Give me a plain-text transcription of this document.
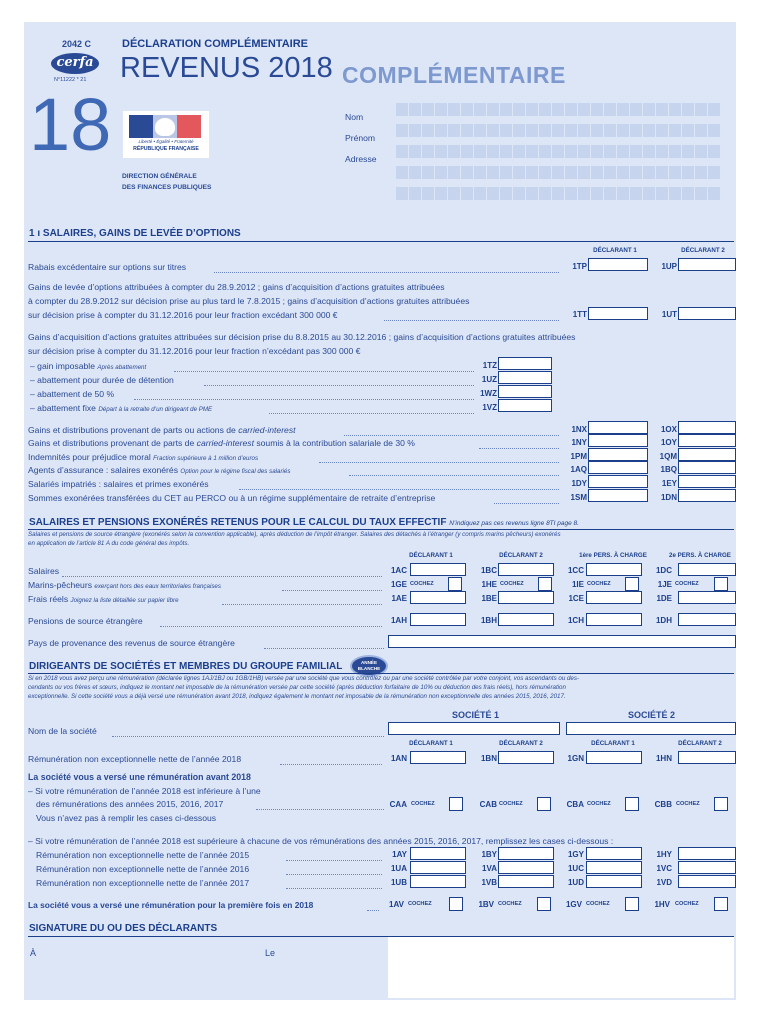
2042 C
cerfa
N°11222 * 21
18
DÉCLARATION COMPLÉMENTAIRE
REVENUS 2018 COMPLÉMENTAIRE
Liberté • Égalité • Fraternité
RÉPUBLIQUE FRANÇAISE
DIRECTION GÉNÉRALE
DES FINANCES PUBLIQUES
Nom
Prénom
Adresse
1 ı SALAIRES, GAINS DE LEVÉE D’OPTIONS
DÉCLARANT 1	DÉCLARANT 2
Rabais excédentaire sur options sur titres	1TP	1UP
Gains de levée d’options attribuées à compter du 28.9.2012 ; gains d’acquisition d’actions gratuites attribuées
à compter du 28.9.2012 sur décision prise au plus tard le 7.8.2015 ; gains d’acquisition d’actions gratuites attribuées
sur décision prise à compter du 31.12.2016 pour leur fraction excédant 300 000 €	1TT	1UT
Gains d’acquisition d’actions gratuites attribuées sur décision prise du 8.8.2015 au 30.12.2016 ; gains d’acquisition d’actions gratuites attribuées
sur décision prise à compter du 31.12.2016 pour leur fraction n’excédant pas 300 000 €
– gain imposable Après abattement	1TZ
– abattement pour durée de détention	1UZ
– abattement de 50 %	1WZ
– abattement fixe Départ à la retraite d’un dirigeant de PME	1VZ
Gains et distributions provenant de parts ou actions de carried-interest	1NX	1OX
Gains et distributions provenant de parts de carried-interest soumis à la contribution salariale de 30 %	1NY	1OY
Indemnités pour préjudice moral Fraction supérieure à 1 million d’euros	1PM	1QM
Agents d’assurance : salaires exonérés Option pour le régime fiscal des salariés	1AQ	1BQ
Salariés impatriés : salaires et primes exonérés	1DY	1EY
Sommes exonérées transférées du CET au PERCO ou à un régime supplémentaire de retraite d’entreprise	1SM	1DN
SALAIRES ET PENSIONS EXONÉRÉS RETENUS POUR LE CALCUL DU TAUX EFFECTIF N’indiquez pas ces revenus ligne 8TI page 8.
Salaires et pensions de source étrangère (exonérés selon la convention applicable), après déduction de l’impôt étranger. Salaires des détachés à l’étranger (y compris marins pêcheurs) exonérés
en application de l’article 81 A du code général des impôts.
DÉCLARANT 1	DÉCLARANT 2	1ère PERS. À CHARGE	2e PERS. À CHARGE
Salaires	1AC	1BC	1CC	1DC
Marins-pêcheurs exerçant hors des eaux territoriales françaises	1GE COCHEZ	1HE COCHEZ	1IE COCHEZ	1JE COCHEZ
Frais réels Joignez la liste détaillée sur papier libre	1AE	1BE	1CE	1DE
Pensions de source étrangère	1AH	1BH	1CH	1DH
Pays de provenance des revenus de source étrangère
DIRIGEANTS DE SOCIÉTÉS ET MEMBRES DU GROUPE FAMILIAL	ANNÉE BLANCHE
Si en 2018 vous avez perçu une rémunération (déclarée lignes 1AJ/1BJ ou 1GB/1HB) versée par une société que vous contrôlez ou par une société contrôlée par votre conjoint, vos ascendants ou des-
cendants ou vos frères et sœurs, indiquez le montant net imposable de la rémunération versée par cette société (après déduction forfaitaire de 10% ou déduction des frais réels), hors rémunération
exceptionnelle. Si cette société vous a déjà versé une rémunération avant 2018, indiquez également le montant net imposable de la rémunération non exceptionnelle des années 2015, 2016, 2017.
SOCIÉTÉ 1	SOCIÉTÉ 2
Nom de la société
DÉCLARANT 1	DÉCLARANT 2	DÉCLARANT 1	DÉCLARANT 2
Rémunération non exceptionnelle nette de l’année 2018	1AN	1BN	1GN	1HN
La société vous a versé une rémunération avant 2018
– Si votre rémunération de l’année 2018 est inférieure à l’une
des rémunérations des années 2015, 2016, 2017
Vous n’avez pas à remplir les cases ci-dessous
CAA COCHEZ	CAB COCHEZ	CBA COCHEZ	CBB COCHEZ
– Si votre rémunération de l’année 2018 est supérieure à chacune de vos rémunérations des années 2015, 2016, 2017, remplissez les cases ci-dessous :
Rémunération non exceptionnelle nette de l’année 2015	1AY	1BY	1GY	1HY
Rémunération non exceptionnelle nette de l’année 2016	1UA	1VA	1UC	1VC
Rémunération non exceptionnelle nette de l’année 2017	1UB	1VB	1UD	1VD
La société vous a versé une rémunération pour la première fois en 2018	1AV COCHEZ	1BV COCHEZ	1GV COCHEZ	1HV COCHEZ
SIGNATURE DU OU DES DÉCLARANTS
À	Le
